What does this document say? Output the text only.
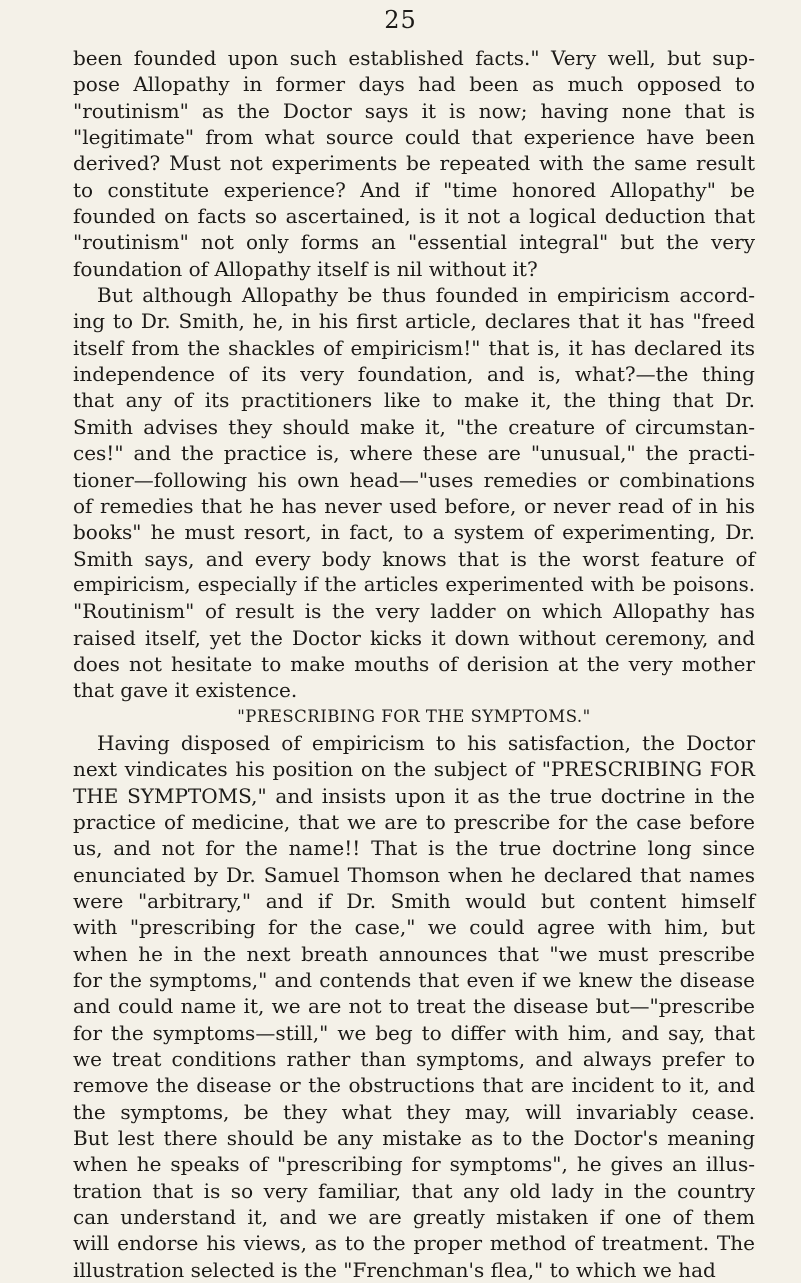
25
been founded upon such established facts." Very well, but sup-
pose Allopathy in former days had been as much opposed to
"routinism" as the Doctor says it is now; having none that is
"legitimate" from what source could that experience have been
derived? Must not experiments be repeated with the same result
to constitute experience? And if "time honored Allopathy" be
founded on facts so ascertained, is it not a logical deduction that
"routinism" not only forms an "essential integral" but the very
foundation of Allopathy itself is nil without it?
But although Allopathy be thus founded in empiricism accord-
ing to Dr. Smith, he, in his first article, declares that it has "freed
itself from the shackles of empiricism!" that is, it has declared its
independence of its very foundation, and is, what?—the thing
that any of its practitioners like to make it, the thing that Dr.
Smith advises they should make it, "the creature of circumstan-
ces!" and the practice is, where these are "unusual," the practi-
tioner—following his own head—"uses remedies or combinations
of remedies that he has never used before, or never read of in his
books" he must resort, in fact, to a system of experimenting, Dr.
Smith says, and every body knows that is the worst feature of
empiricism, especially if the articles experimented with be poisons.
"Routinism" of result is the very ladder on which Allopathy has
raised itself, yet the Doctor kicks it down without ceremony, and
does not hesitate to make mouths of derision at the very mother
that gave it existence.
"PRESCRIBING FOR THE SYMPTOMS."
Having disposed of empiricism to his satisfaction, the Doctor
next vindicates his position on the subject of "PRESCRIBING FOR
THE SYMPTOMS," and insists upon it as the true doctrine in the
practice of medicine, that we are to prescribe for the case before
us, and not for the name!! That is the true doctrine long since
enunciated by Dr. Samuel Thomson when he declared that names
were "arbitrary," and if Dr. Smith would but content himself
with "prescribing for the case," we could agree with him, but
when he in the next breath announces that "we must prescribe
for the symptoms," and contends that even if we knew the disease
and could name it, we are not to treat the disease but—"prescribe
for the symptoms—still," we beg to differ with him, and say, that
we treat conditions rather than symptoms, and always prefer to
remove the disease or the obstructions that are incident to it, and
the symptoms, be they what they may, will invariably cease.
But lest there should be any mistake as to the Doctor's meaning
when he speaks of "prescribing for symptoms", he gives an illus-
tration that is so very familiar, that any old lady in the country
can understand it, and we are greatly mistaken if one of them
will endorse his views, as to the proper method of treatment. The
illustration selected is the "Frenchman's flea," to which we had
